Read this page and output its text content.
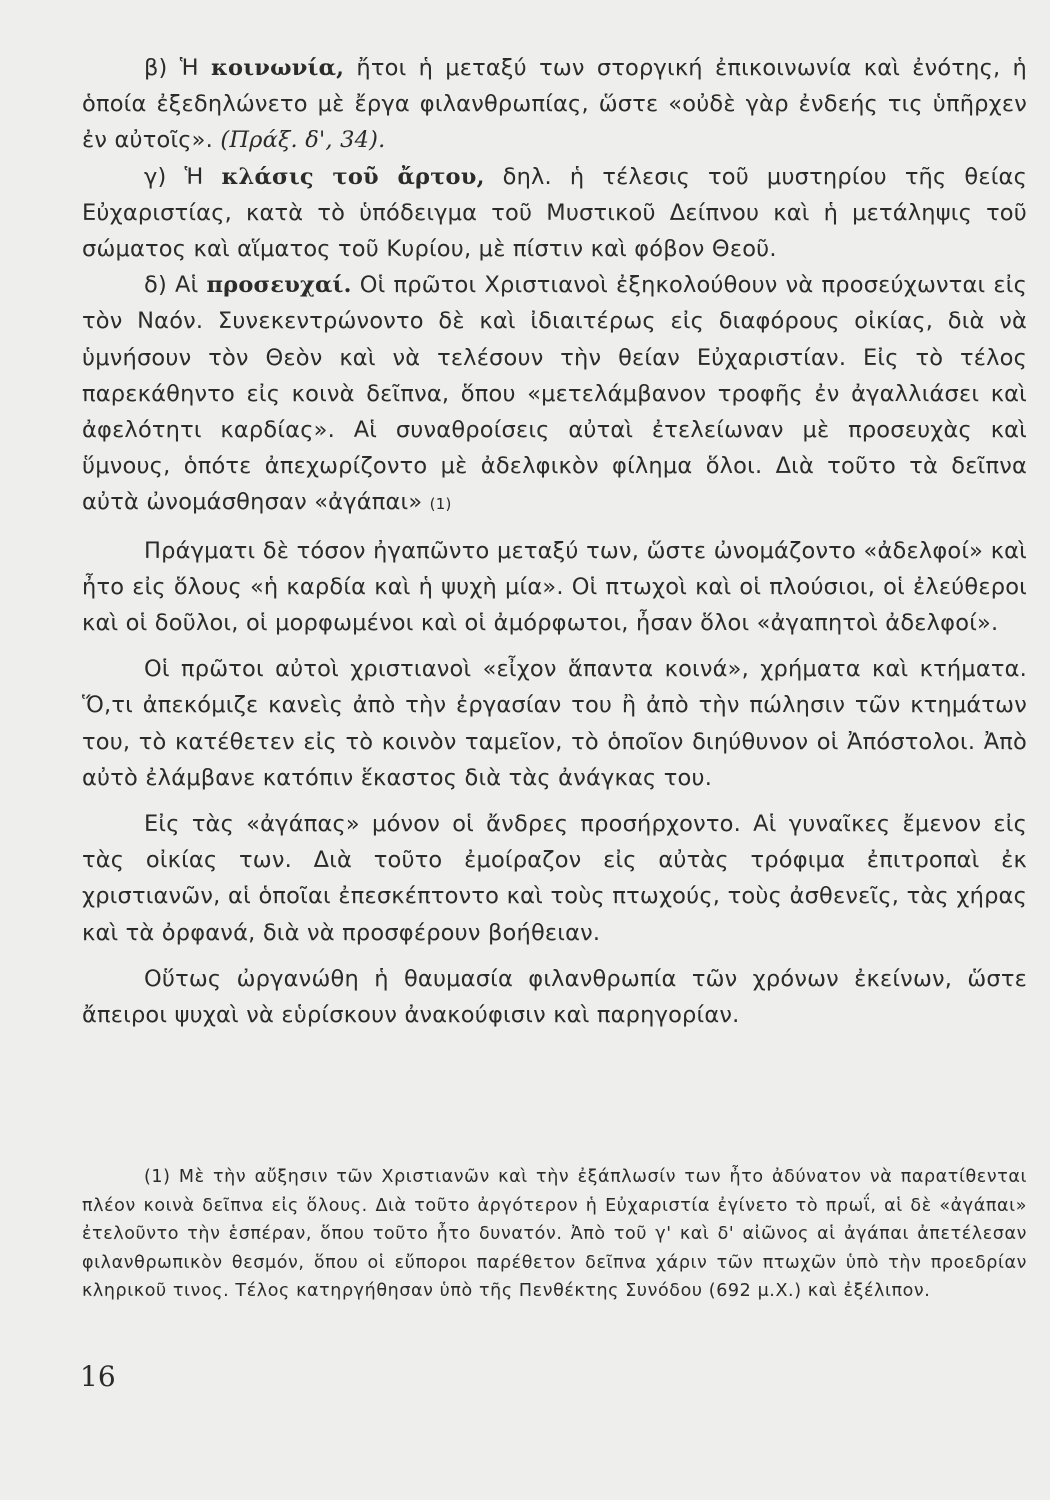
β) Ἡ κοινωνία, ἤτοι ἡ μεταξύ των στοργική ἐπικοινωνία καὶ ἐνότης, ἡ ὁποία ἐξεδηλώνετο μὲ ἔργα φιλανθρωπίας, ὥστε «οὐδὲ γὰρ ἐνδεής τις ὑπῆρχεν ἐν αὐτοῖς». (Πράξ. δ', 34).

γ) Ἡ κλάσις τοῦ ἄρτου, δηλ. ἡ τέλεσις τοῦ μυστηρίου τῆς θείας Εὐχαριστίας, κατὰ τὸ ὑπόδειγμα τοῦ Μυστικοῦ Δείπνου καὶ ἡ μετάληψις τοῦ σώματος καὶ αἵματος τοῦ Κυρίου, μὲ πίστιν καὶ φόβον Θεοῦ.

δ) Αἱ προσευχαί. Οἱ πρῶτοι Χριστιανοὶ ἐξηκολούθουν νὰ προσεύχωνται εἰς τὸν Ναόν. Συνεκεντρώνοντο δὲ καὶ ἰδιαιτέρως εἰς διαφόρους οἰκίας, διὰ νὰ ὑμνήσουν τὸν Θεὸν καὶ νὰ τελέσουν τὴν θείαν Εὐχαριστίαν. Εἰς τὸ τέλος παρεκάθηντο εἰς κοινὰ δεῖπνα, ὅπου «μετελάμβανον τροφῆς ἐν ἀγαλλιάσει καὶ ἀφελότητι καρδίας». Αἱ συναθροίσεις αὐταὶ ἐτελείωναν μὲ προσευχὰς καὶ ὕμνους, ὁπότε ἀπεχωρίζοντο μὲ ἀδελφικὸν φίλημα ὅλοι. Διὰ τοῦτο τὰ δεῖπνα αὐτὰ ὠνομάσθησαν «ἀγάπαι» (1)

Πράγματι δὲ τόσον ἠγαπῶντο μεταξύ των, ὥστε ὠνομάζοντο «ἀδελφοί» καὶ ἦτο εἰς ὅλους «ἡ καρδία καὶ ἡ ψυχὴ μία». Οἱ πτωχοὶ καὶ οἱ πλούσιοι, οἱ ἐλεύθεροι καὶ οἱ δοῦλοι, οἱ μορφωμένοι καὶ οἱ ἀμόρφωτοι, ἦσαν ὅλοι «ἀγαπητοὶ ἀδελφοί».

Οἱ πρῶτοι αὐτοὶ χριστιανοὶ «εἶχον ἅπαντα κοινά», χρήματα καὶ κτήματα. Ὅ,τι ἀπεκόμιζε κανεὶς ἀπὸ τὴν ἐργασίαν του ἢ ἀπὸ τὴν πώλησιν τῶν κτημάτων του, τὸ κατέθετεν εἰς τὸ κοινὸν ταμεῖον, τὸ ὁποῖον διηύθυνον οἱ Ἀπόστολοι. Ἀπὸ αὐτὸ ἐλάμβανε κατόπιν ἕκαστος διὰ τὰς ἀνάγκας του.

Εἰς τὰς «ἀγάπας» μόνον οἱ ἄνδρες προσήρχοντο. Αἱ γυναῖκες ἔμενον εἰς τὰς οἰκίας των. Διὰ τοῦτο ἐμοίραζον εἰς αὐτὰς τρόφιμα ἐπιτροπαὶ ἐκ χριστιανῶν, αἱ ὁποῖαι ἐπεσκέπτοντο καὶ τοὺς πτωχούς, τοὺς ἀσθενεῖς, τὰς χήρας καὶ τὰ ὀρφανά, διὰ νὰ προσφέρουν βοήθειαν.

Οὕτως ὠργανώθη ἡ θαυμασία φιλανθρωπία τῶν χρόνων ἐκείνων, ὥστε ἄπειροι ψυχαὶ νὰ εὑρίσκουν ἀνακούφισιν καὶ παρηγορίαν.

(1) Μὲ τὴν αὔξησιν τῶν Χριστιανῶν καὶ τὴν ἐξάπλωσίν των ἦτο ἀδύνατον νὰ παρατίθενται πλέον κοινὰ δεῖπνα εἰς ὅλους. Διὰ τοῦτο ἀργότερον ἡ Εὐχαριστία ἐγίνετο τὸ πρωΐ, αἱ δὲ «ἀγάπαι» ἐτελοῦντο τὴν ἑσπέραν, ὅπου τοῦτο ἦτο δυνατόν. Ἀπὸ τοῦ γ' καὶ δ' αἰῶνος αἱ ἀγάπαι ἀπετέλεσαν φιλανθρωπικὸν θεσμόν, ὅπου οἱ εὔποροι παρέθετον δεῖπνα χάριν τῶν πτωχῶν ὑπὸ τὴν προεδρίαν κληρικοῦ τινος. Τέλος κατηργήθησαν ὑπὸ τῆς Πενθέκτης Συνόδου (692 μ.Χ.) καὶ ἐξέλιπον.

16
